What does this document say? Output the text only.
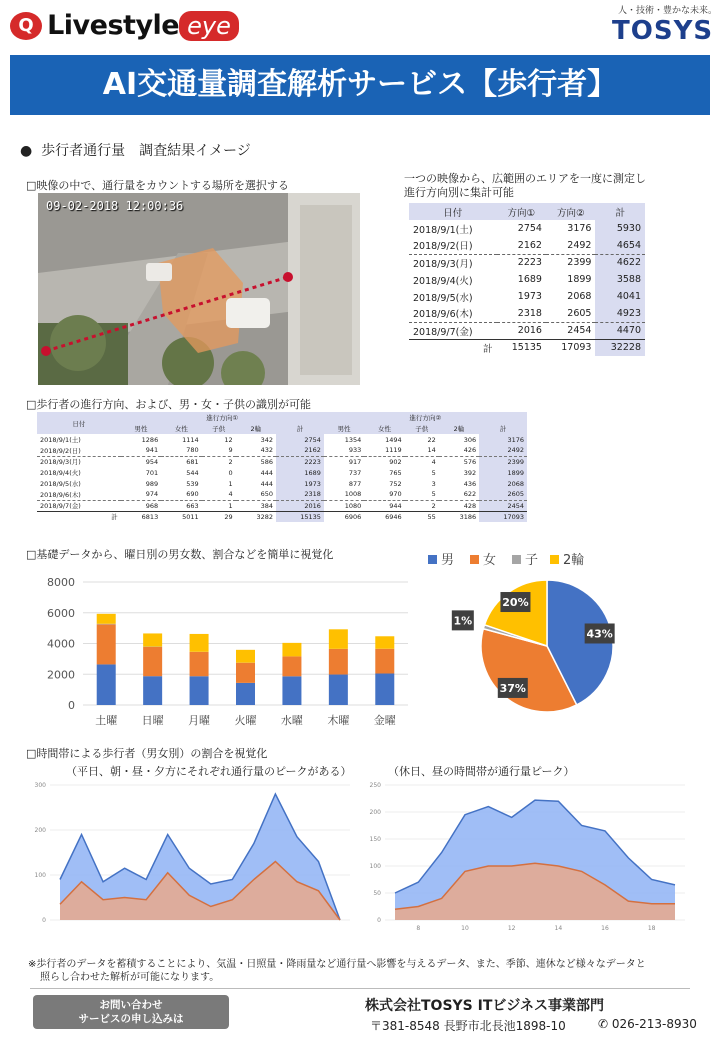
Q Livestyle eye
人・技術・豊かな未来。
TOSYS
AI交通量調査解析サービス【歩行者】
● 歩行者通行量　調査結果イメージ
□映像の中で、通行量をカウントする場所を選択する
09-02-2018 12:00:36
一つの映像から、広範囲のエリアを一度に測定し
進行方向別に集計可能
日付	方向①	方向②	計
2018/9/1(土)	2754	3176	5930
2018/9/2(日)	2162	2492	4654
2018/9/3(月)	2223	2399	4622
2018/9/4(火)	1689	1899	3588
2018/9/5(水)	1973	2068	4041
2018/9/6(木)	2318	2605	4923
2018/9/7(金)	2016	2454	4470
計	15135	17093	32228
□歩行者の進行方向、および、男・女・子供の識別が可能
日付	進行方向①					進行方向②				
	男性	女性	子供	2輪	計	男性	女性	子供	2輪	計
2018/9/1(土)	1286	1114	12	342	2754	1354	1494	22	306	3176
2018/9/2(日)	941	780	9	432	2162	933	1119	14	426	2492
2018/9/3(月)	954	681	2	586	2223	917	902	4	576	2399
2018/9/4(火)	701	544	0	444	1689	737	765	5	392	1899
2018/9/5(水)	989	539	1	444	1973	877	752	3	436	2068
2018/9/6(木)	974	690	4	650	2318	1008	970	5	622	2605
2018/9/7(金)	968	663	1	384	2016	1080	944	2	428	2454
計	6813	5011	29	3282	15135	6906	6946	55	3186	17093
□基礎データから、曜日別の男女数、割合などを簡単に視覚化
0
2000
4000
6000
8000
土曜 日曜 月曜 火曜 水曜 木曜 金曜
男 女 子 2輪
43%
37%
1%
20%
□時間帯による歩行者（男女別）の割合を視覚化
（平日、朝・昼・夕方にそれぞれ通行量のピークがある）	（休日、昼の時間帯が通行量ピーク）
0
100
200
300
0
50
100
150
200
250
8	10	12	14	16	18
※歩行者のデータを蓄積することにより、気温・日照量・降雨量など通行量へ影響を与えるデータ、また、季節、連休など様々なデータと
照らし合わせた解析が可能になります。
お問い合わせ
サービスの申し込みは
株式会社TOSYS ITビジネス事業部門
〒381-8548 長野市北長池1898-10	✆ 026-213-8930
